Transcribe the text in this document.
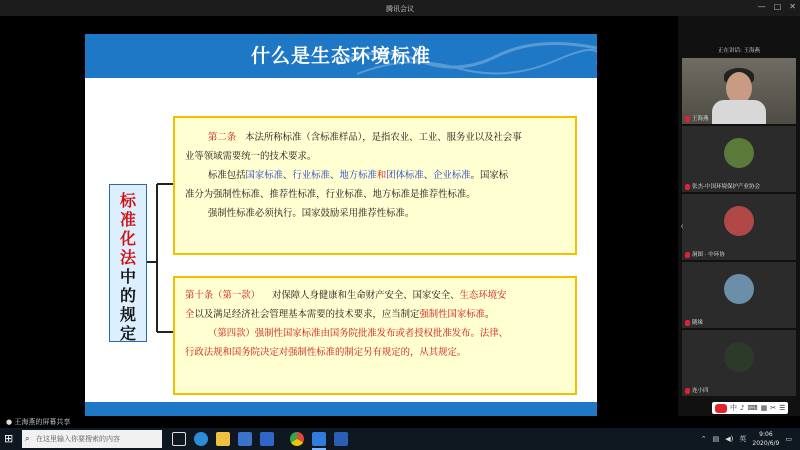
腾讯会议	— □ ✕
什么是生态环境标准
标
准
化
法
中
的
规
定
第二条 本法所称标准（含标准样品），是指农业、工业、服务业以及社会事
业等领域需要统一的技术要求。
标准包括国家标准、行业标准、地方标准和团体标准、企业标准。国家标
准分为强制性标准、推荐性标准，行业标准、地方标准是推荐性标准。
强制性标准必须执行。国家鼓励采用推荐性标准。
第十条（第一款） 对保障人身健康和生命财产安全、国家安全、生态环境安
全以及满足经济社会管理基本需要的技术要求，应当制定强制性国家标准。
（第四款）强制性国家标准由国务院批准发布或者授权批准发布。法律、
行政法规和国务院决定对强制性标准的制定另有规定的，从其规定。
正在讲话: 王海燕
王海燕
张杰-中国环境保护产业协会
洞图 · 中环协
随缘
连小四
‹
中 ♪ ⌨ ▦ ✂ ☰
● 王海燕的屏幕共享
⊞	⌕ 在这里输入你要搜索的内容	⌃ ▤ ◀) 英
9:06
2020/6/9
▭
